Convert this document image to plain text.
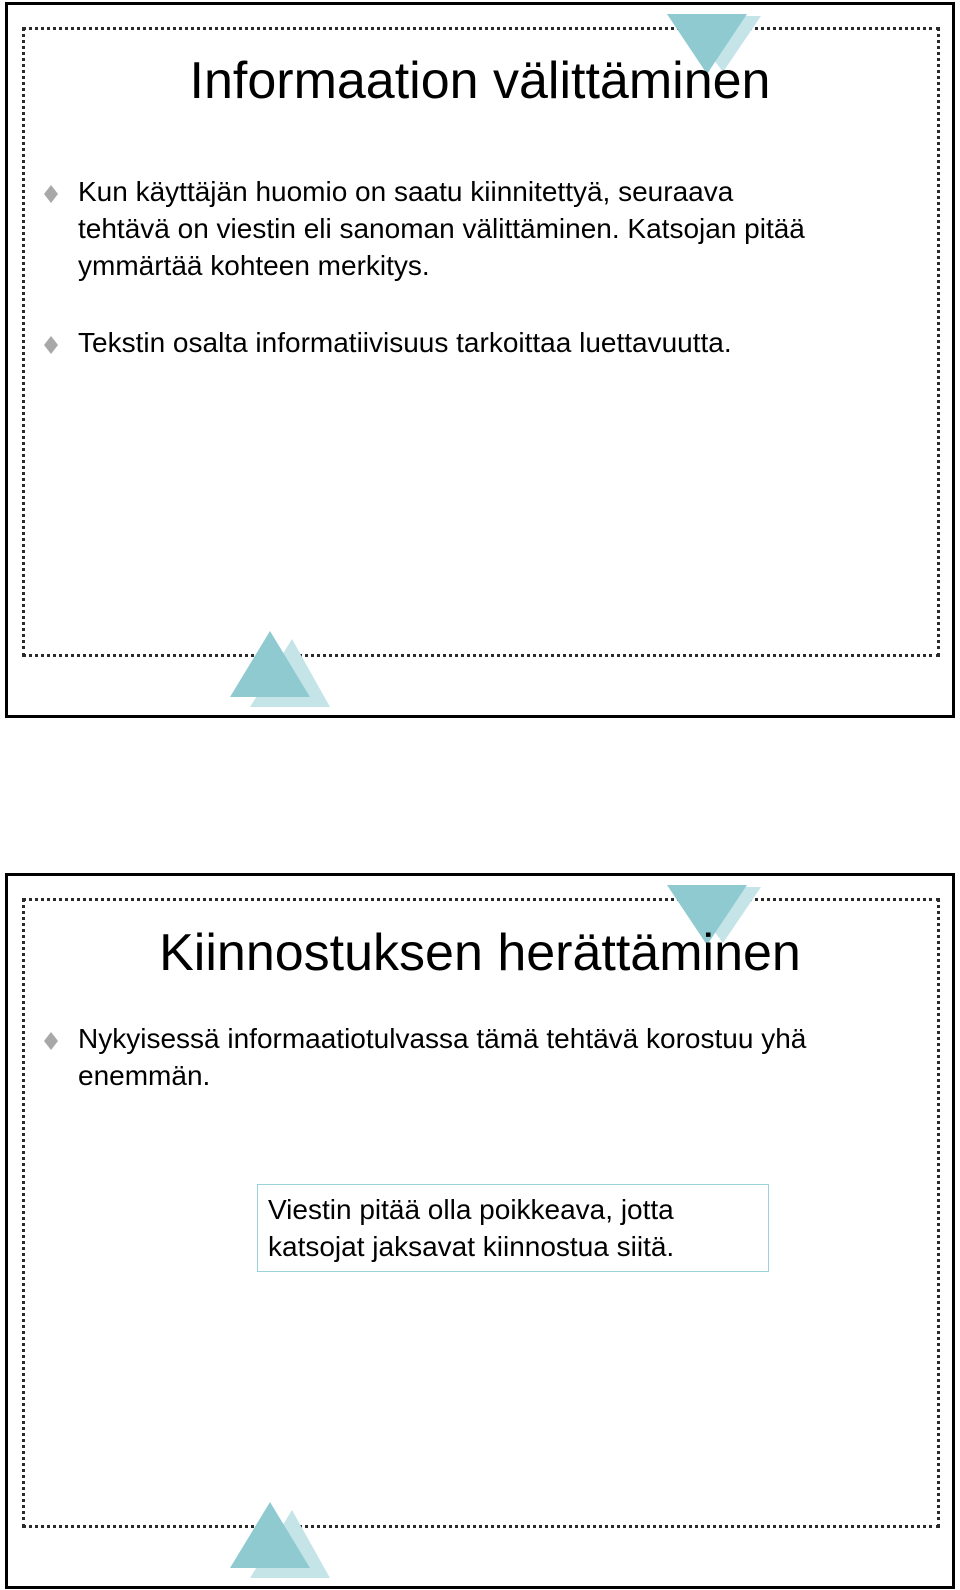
Informaation välittäminen
Kun käyttäjän huomio on saatu kiinnitettyä, seuraava
tehtävä on viestin eli sanoman välittäminen. Katsojan pitää
ymmärtää kohteen merkitys.
Tekstin osalta informatiivisuus tarkoittaa luettavuutta.
Kiinnostuksen herättäminen
Nykyisessä informaatiotulvassa tämä tehtävä korostuu yhä
enemmän.
Viestin pitää olla poikkeava, jotta
katsojat jaksavat kiinnostua siitä.
